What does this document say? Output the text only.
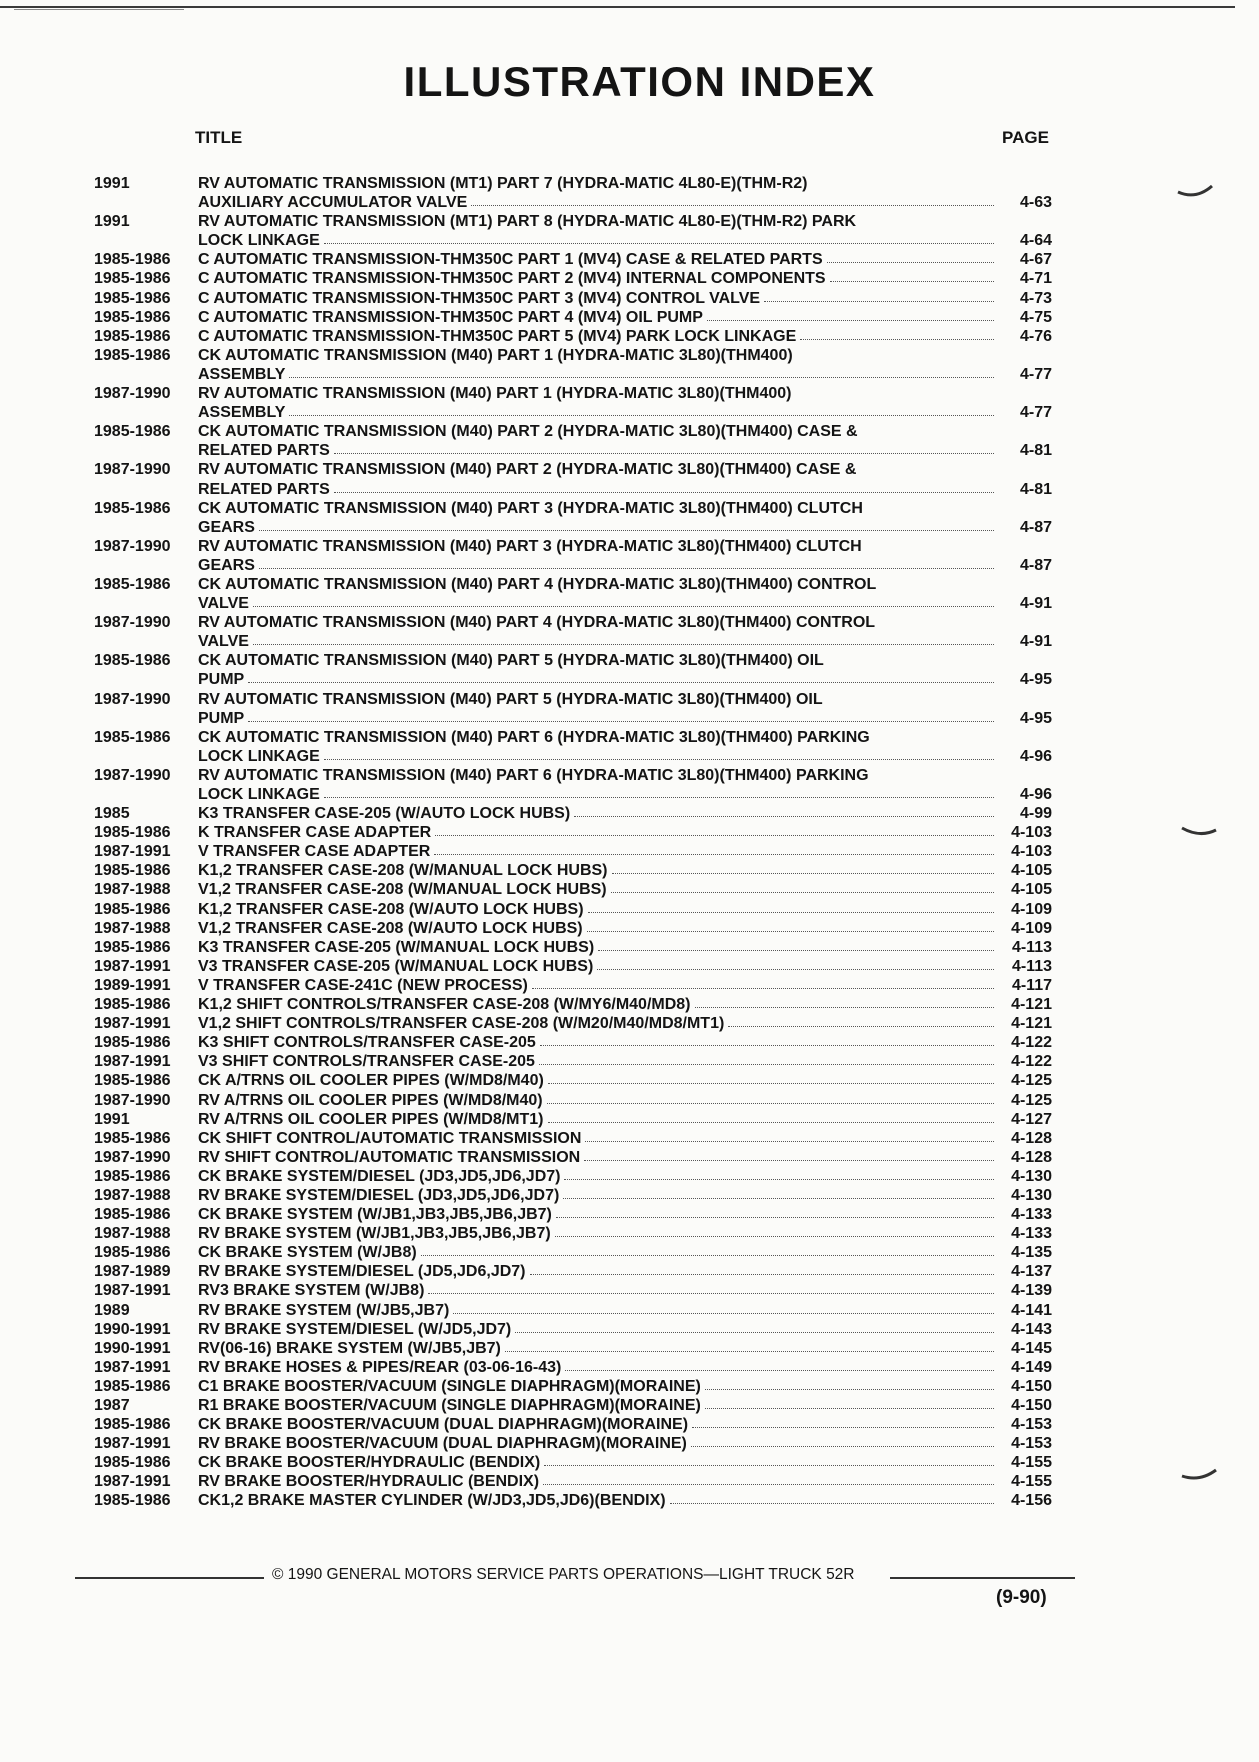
ILLUSTRATION INDEX
TITLE	PAGE
1991	RV AUTOMATIC TRANSMISSION (MT1) PART 7 (HYDRA-MATIC 4L80-E)(THM-R2)
AUXILIARY ACCUMULATOR VALVE	4-63
1991	RV AUTOMATIC TRANSMISSION (MT1) PART 8 (HYDRA-MATIC 4L80-E)(THM-R2) PARK
LOCK LINKAGE	4-64
1985-1986 C AUTOMATIC TRANSMISSION-THM350C PART 1 (MV4) CASE & RELATED PARTS	4-67
1985-1986 C AUTOMATIC TRANSMISSION-THM350C PART 2 (MV4) INTERNAL COMPONENTS	4-71
1985-1986 C AUTOMATIC TRANSMISSION-THM350C PART 3 (MV4) CONTROL VALVE	4-73
1985-1986 C AUTOMATIC TRANSMISSION-THM350C PART 4 (MV4) OIL PUMP	4-75
1985-1986 C AUTOMATIC TRANSMISSION-THM350C PART 5 (MV4) PARK LOCK LINKAGE	4-76
1985-1986 CK AUTOMATIC TRANSMISSION (M40) PART 1 (HYDRA-MATIC 3L80)(THM400)
ASSEMBLY	4-77
1987-1990 RV AUTOMATIC TRANSMISSION (M40) PART 1 (HYDRA-MATIC 3L80)(THM400)
ASSEMBLY	4-77
1985-1986 CK AUTOMATIC TRANSMISSION (M40) PART 2 (HYDRA-MATIC 3L80)(THM400) CASE &
RELATED PARTS	4-81
1987-1990 RV AUTOMATIC TRANSMISSION (M40) PART 2 (HYDRA-MATIC 3L80)(THM400) CASE &
RELATED PARTS	4-81
1985-1986 CK AUTOMATIC TRANSMISSION (M40) PART 3 (HYDRA-MATIC 3L80)(THM400) CLUTCH
GEARS	4-87
1987-1990 RV AUTOMATIC TRANSMISSION (M40) PART 3 (HYDRA-MATIC 3L80)(THM400) CLUTCH
GEARS	4-87
1985-1986 CK AUTOMATIC TRANSMISSION (M40) PART 4 (HYDRA-MATIC 3L80)(THM400) CONTROL
VALVE	4-91
1987-1990 RV AUTOMATIC TRANSMISSION (M40) PART 4 (HYDRA-MATIC 3L80)(THM400) CONTROL
VALVE	4-91
1985-1986 CK AUTOMATIC TRANSMISSION (M40) PART 5 (HYDRA-MATIC 3L80)(THM400) OIL
PUMP	4-95
1987-1990 RV AUTOMATIC TRANSMISSION (M40) PART 5 (HYDRA-MATIC 3L80)(THM400) OIL
PUMP	4-95
1985-1986 CK AUTOMATIC TRANSMISSION (M40) PART 6 (HYDRA-MATIC 3L80)(THM400) PARKING
LOCK LINKAGE	4-96
1987-1990 RV AUTOMATIC TRANSMISSION (M40) PART 6 (HYDRA-MATIC 3L80)(THM400) PARKING
LOCK LINKAGE	4-96
1985	K3 TRANSFER CASE-205 (W/AUTO LOCK HUBS)	4-99
1985-1986 K TRANSFER CASE ADAPTER	4-103
1987-1991 V TRANSFER CASE ADAPTER	4-103
1985-1986 K1,2 TRANSFER CASE-208 (W/MANUAL LOCK HUBS)	4-105
1987-1988 V1,2 TRANSFER CASE-208 (W/MANUAL LOCK HUBS)	4-105
1985-1986 K1,2 TRANSFER CASE-208 (W/AUTO LOCK HUBS)	4-109
1987-1988 V1,2 TRANSFER CASE-208 (W/AUTO LOCK HUBS)	4-109
1985-1986 K3 TRANSFER CASE-205 (W/MANUAL LOCK HUBS)	4-113
1987-1991 V3 TRANSFER CASE-205 (W/MANUAL LOCK HUBS)	4-113
1989-1991 V TRANSFER CASE-241C (NEW PROCESS)	4-117
1985-1986 K1,2 SHIFT CONTROLS/TRANSFER CASE-208 (W/MY6/M40/MD8)	4-121
1987-1991 V1,2 SHIFT CONTROLS/TRANSFER CASE-208 (W/M20/M40/MD8/MT1)	4-121
1985-1986 K3 SHIFT CONTROLS/TRANSFER CASE-205	4-122
1987-1991 V3 SHIFT CONTROLS/TRANSFER CASE-205	4-122
1985-1986 CK A/TRNS OIL COOLER PIPES (W/MD8/M40)	4-125
1987-1990 RV A/TRNS OIL COOLER PIPES (W/MD8/M40)	4-125
1991	RV A/TRNS OIL COOLER PIPES (W/MD8/MT1)	4-127
1985-1986 CK SHIFT CONTROL/AUTOMATIC TRANSMISSION	4-128
1987-1990 RV SHIFT CONTROL/AUTOMATIC TRANSMISSION	4-128
1985-1986 CK BRAKE SYSTEM/DIESEL (JD3,JD5,JD6,JD7)	4-130
1987-1988 RV BRAKE SYSTEM/DIESEL (JD3,JD5,JD6,JD7)	4-130
1985-1986 CK BRAKE SYSTEM (W/JB1,JB3,JB5,JB6,JB7)	4-133
1987-1988 RV BRAKE SYSTEM (W/JB1,JB3,JB5,JB6,JB7)	4-133
1985-1986 CK BRAKE SYSTEM (W/JB8)	4-135
1987-1989 RV BRAKE SYSTEM/DIESEL (JD5,JD6,JD7)	4-137
1987-1991 RV3 BRAKE SYSTEM (W/JB8)	4-139
1989	RV BRAKE SYSTEM (W/JB5,JB7)	4-141
1990-1991 RV BRAKE SYSTEM/DIESEL (W/JD5,JD7)	4-143
1990-1991 RV(06-16) BRAKE SYSTEM (W/JB5,JB7)	4-145
1987-1991 RV BRAKE HOSES & PIPES/REAR (03-06-16-43)	4-149
1985-1986 C1 BRAKE BOOSTER/VACUUM (SINGLE DIAPHRAGM)(MORAINE)	4-150
1987	R1 BRAKE BOOSTER/VACUUM (SINGLE DIAPHRAGM)(MORAINE)	4-150
1985-1986 CK BRAKE BOOSTER/VACUUM (DUAL DIAPHRAGM)(MORAINE)	4-153
1987-1991 RV BRAKE BOOSTER/VACUUM (DUAL DIAPHRAGM)(MORAINE)	4-153
1985-1986 CK BRAKE BOOSTER/HYDRAULIC (BENDIX)	4-155
1987-1991 RV BRAKE BOOSTER/HYDRAULIC (BENDIX)	4-155
1985-1986 CK1,2 BRAKE MASTER CYLINDER (W/JD3,JD5,JD6)(BENDIX)	4-156
© 1990 GENERAL MOTORS SERVICE PARTS OPERATIONS—LIGHT TRUCK 52R
(9-90)
